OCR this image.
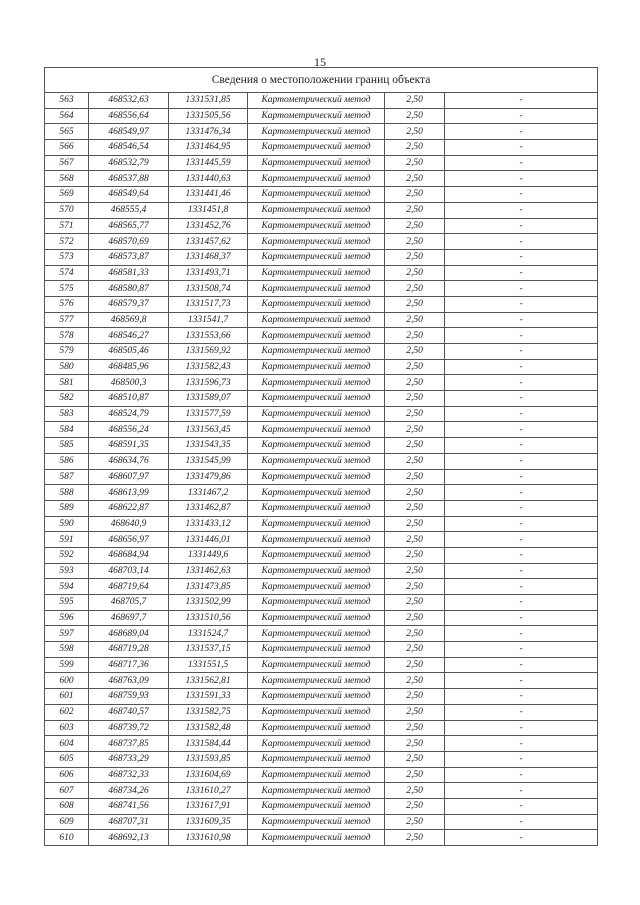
15
Сведения о местоположении границ объекта					
563	468532,63	1331531,85	Картометрический метод	2,50	-
564	468556,64	1331505,56	Картометрический метод	2,50	-
565	468549,97	1331476,34	Картометрический метод	2,50	-
566	468546,54	1331464,95	Картометрический метод	2,50	-
567	468532,79	1331445,59	Картометрический метод	2,50	-
568	468537,88	1331440,63	Картометрический метод	2,50	-
569	468549,64	1331441,46	Картометрический метод	2,50	-
570	468555,4	1331451,8	Картометрический метод	2,50	-
571	468565,77	1331452,76	Картометрический метод	2,50	-
572	468570,69	1331457,62	Картометрический метод	2,50	-
573	468573,87	1331468,37	Картометрический метод	2,50	-
574	468581,33	1331493,71	Картометрический метод	2,50	-
575	468580,87	1331508,74	Картометрический метод	2,50	-
576	468579,37	1331517,73	Картометрический метод	2,50	-
577	468569,8	1331541,7	Картометрический метод	2,50	-
578	468546,27	1331553,66	Картометрический метод	2,50	-
579	468505,46	1331569,92	Картометрический метод	2,50	-
580	468485,96	1331582,43	Картометрический метод	2,50	-
581	468500,3	1331596,73	Картометрический метод	2,50	-
582	468510,87	1331589,07	Картометрический метод	2,50	-
583	468524,79	1331577,59	Картометрический метод	2,50	-
584	468556,24	1331563,45	Картометрический метод	2,50	-
585	468591,35	1331543,35	Картометрический метод	2,50	-
586	468634,76	1331545,99	Картометрический метод	2,50	-
587	468607,97	1331479,86	Картометрический метод	2,50	-
588	468613,99	1331467,2	Картометрический метод	2,50	-
589	468622,87	1331462,87	Картометрический метод	2,50	-
590	468640,9	1331433,12	Картометрический метод	2,50	-
591	468656,97	1331446,01	Картометрический метод	2,50	-
592	468684,94	1331449,6	Картометрический метод	2,50	-
593	468703,14	1331462,63	Картометрический метод	2,50	-
594	468719,64	1331473,85	Картометрический метод	2,50	-
595	468705,7	1331502,99	Картометрический метод	2,50	-
596	468697,7	1331510,56	Картометрический метод	2,50	-
597	468689,04	1331524,7	Картометрический метод	2,50	-
598	468719,28	1331537,15	Картометрический метод	2,50	-
599	468717,36	1331551,5	Картометрический метод	2,50	-
600	468763,09	1331562,81	Картометрический метод	2,50	-
601	468759,93	1331591,33	Картометрический метод	2,50	-
602	468740,57	1331582,75	Картометрический метод	2,50	-
603	468739,72	1331582,48	Картометрический метод	2,50	-
604	468737,85	1331584,44	Картометрический метод	2,50	-
605	468733,29	1331593,85	Картометрический метод	2,50	-
606	468732,33	1331604,69	Картометрический метод	2,50	-
607	468734,26	1331610,27	Картометрический метод	2,50	-
608	468741,56	1331617,91	Картометрический метод	2,50	-
609	468707,31	1331609,35	Картометрический метод	2,50	-
610	468692,13	1331610,98	Картометрический метод	2,50	-
